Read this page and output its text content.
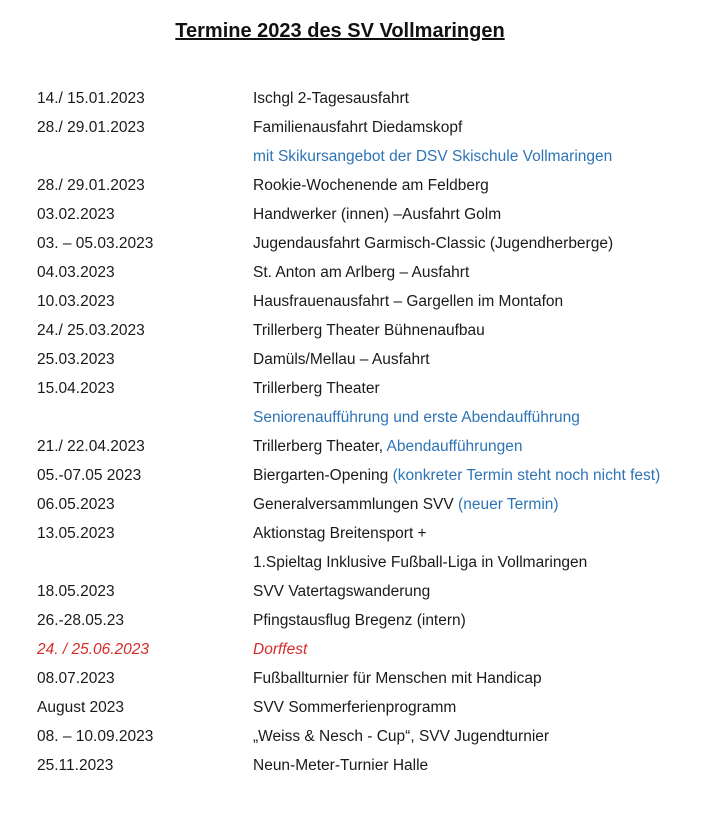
Termine 2023 des SV Vollmaringen
14./ 15.01.2023	Ischgl 2-Tagesausfahrt
28./ 29.01.2023	Familienausfahrt Diedamskopf
mit Skikursangebot der DSV Skischule Vollmaringen
28./ 29.01.2023	Rookie-Wochenende am Feldberg
03.02.2023	Handwerker (innen) –Ausfahrt Golm
03. – 05.03.2023	Jugendausfahrt Garmisch-Classic (Jugendherberge)
04.03.2023	St. Anton am Arlberg – Ausfahrt
10.03.2023	Hausfrauenausfahrt – Gargellen im Montafon
24./ 25.03.2023	Trillerberg Theater Bühnenaufbau
25.03.2023	Damüls/Mellau – Ausfahrt
15.04.2023	Trillerberg Theater
Seniorenaufführung und erste Abendaufführung
21./ 22.04.2023	Trillerberg Theater, Abendaufführungen
05.-07.05 2023	Biergarten-Opening (konkreter Termin steht noch nicht fest)
06.05.2023	Generalversammlungen SVV (neuer Termin)
13.05.2023	Aktionstag Breitensport +
1.Spieltag Inklusive Fußball-Liga in Vollmaringen
18.05.2023	SVV Vatertagswanderung
26.-28.05.23	Pfingstausflug Bregenz (intern)
24. / 25.06.2023	Dorffest
08.07.2023	Fußballturnier für Menschen mit Handicap
August 2023	SVV Sommerferienprogramm
08. – 10.09.2023	„Weiss & Nesch - Cup“, SVV Jugendturnier
25.11.2023	Neun-Meter-Turnier Halle
